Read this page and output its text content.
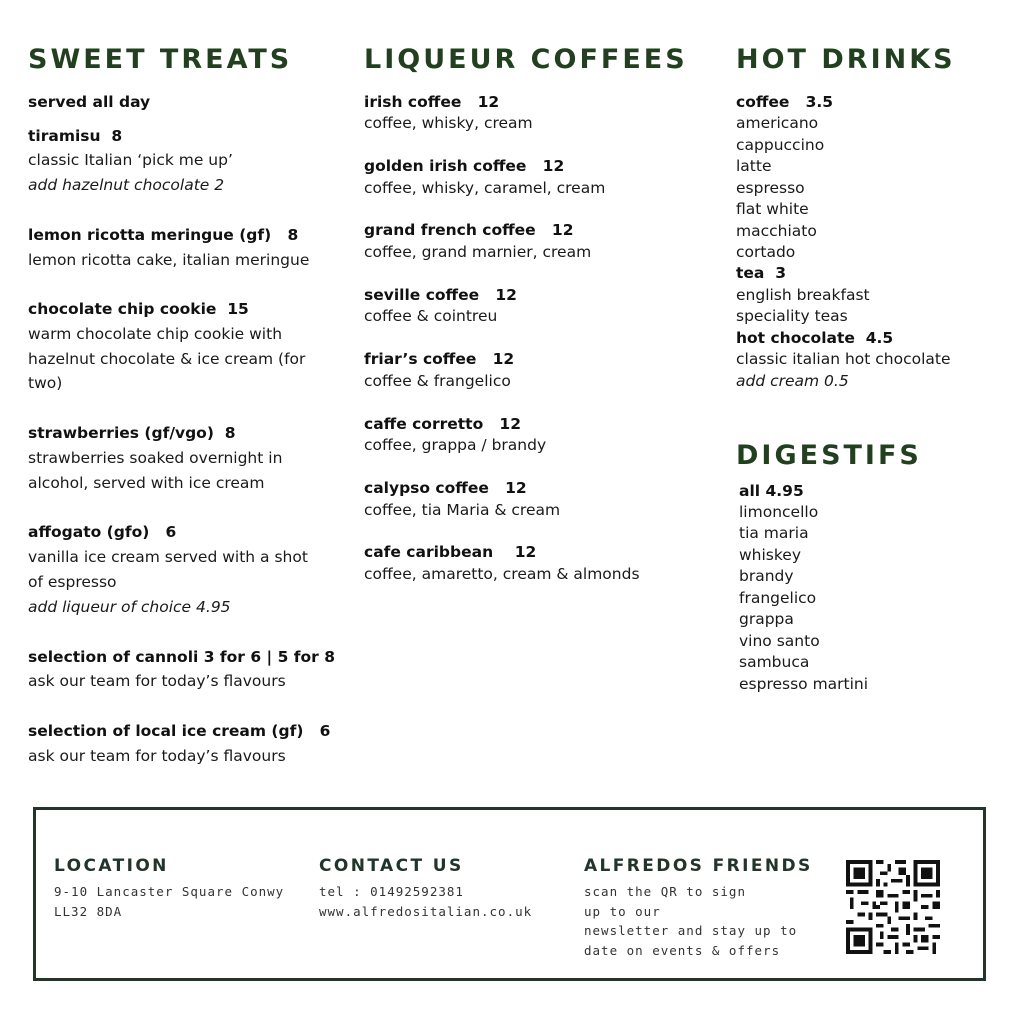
SWEET TREATS
served all day
tiramisu 8
classic Italian ‘pick me up’
add hazelnut chocolate 2
lemon ricotta meringue (gf) 8
lemon ricotta cake, italian meringue
chocolate chip cookie 15
warm chocolate chip cookie with
hazelnut chocolate & ice cream (for
two)
strawberries (gf/vgo) 8
strawberries soaked overnight in
alcohol, served with ice cream
affogato (gfo) 6
vanilla ice cream served with a shot
of espresso
add liqueur of choice 4.95
selection of cannoli 3 for 6 | 5 for 8
ask our team for today’s flavours
selection of local ice cream (gf) 6
ask our team for today’s flavours
LIQUEUR COFFEES
irish coffee 12
coffee, whisky, cream
golden irish coffee 12
coffee, whisky, caramel, cream
grand french coffee 12
coffee, grand marnier, cream
seville coffee 12
coffee & cointreu
friar’s coffee 12
coffee & frangelico
caffe corretto 12
coffee, grappa / brandy
calypso coffee 12
coffee, tia Maria & cream
cafe caribbean 12
coffee, amaretto, cream & almonds
HOT DRINKS
coffee 3.5
americano
cappuccino
latte
espresso
flat white
macchiato
cortado
tea 3
english breakfast
speciality teas
hot chocolate 4.5
classic italian hot chocolate
add cream 0.5
DIGESTIFS
all 4.95
limoncello
tia maria
whiskey
brandy
frangelico
grappa
vino santo
sambuca
espresso martini
LOCATION
9-10 Lancaster Square Conwy
LL32 8DA
CONTACT US
tel : 01492592381
www.alfredositalian.co.uk
ALFREDOS FRIENDS
scan the QR to sign
up to our
newsletter and stay up to
date on events & offers
